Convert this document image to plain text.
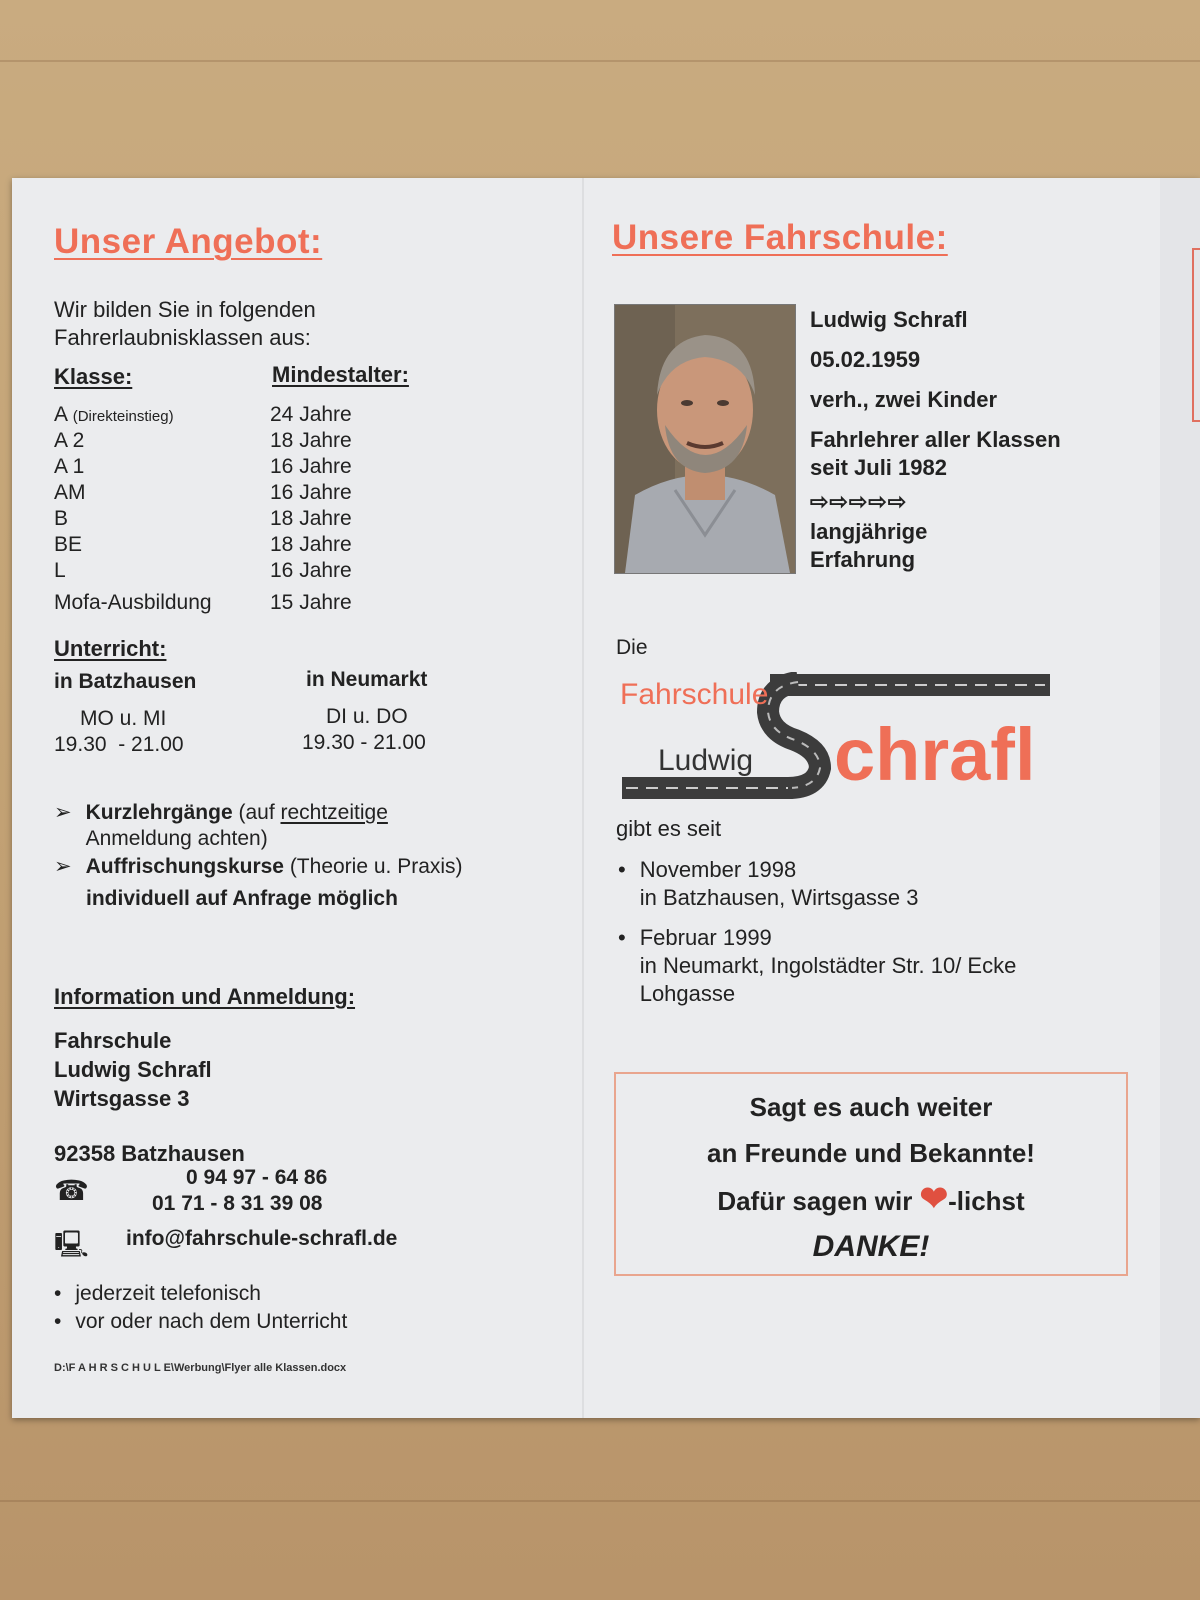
Unser Angebot:
Wir bilden Sie in folgenden
Fahrerlaubnisklassen aus:
Klasse:	Mindestalter:
A (Direkteinstieg)	24 Jahre
A 2	18 Jahre
A 1	16 Jahre
AM	16 Jahre
B	18 Jahre
BE	18 Jahre
L	16 Jahre
Mofa-Ausbildung	15 Jahre
Unterricht:
in Batzhausen	in Neumarkt
MO u. MI	DI u. DO
19.30  - 21.00	19.30 - 21.00
➢ Kurzlehrgänge (auf rechtzeitige
Anmeldung achten)
➢ Auffrischungskurse (Theorie u. Praxis)
individuell auf Anfrage möglich
Information und Anmeldung:
Fahrschule
Ludwig Schrafl
Wirtsgasse 3
92358 Batzhausen
☎	0 94 97 - 64 86
01 71 - 8 31 39 08
🖳 info@fahrschule-schrafl.de
• jederzeit telefonisch
• vor oder nach dem Unterricht
D:\F A H R S C H U L E\Werbung\Flyer alle Klassen.docx
Unsere Fahrschule:
Ludwig Schrafl
05.02.1959
verh., zwei Kinder
Fahrlehrer aller Klassen
seit Juli 1982
⇨⇨⇨⇨⇨
langjährige
Erfahrung
Die
Fahrschule
Ludwig chrafl
gibt es seit
• November 1998
in Batzhausen, Wirtsgasse 3
• Februar 1999
in Neumarkt, Ingolstädter Str. 10/ Ecke
Lohgasse
Sagt es auch weiter
an Freunde und Bekannte!
Dafür sagen wir ❤-lichst
DANKE!
